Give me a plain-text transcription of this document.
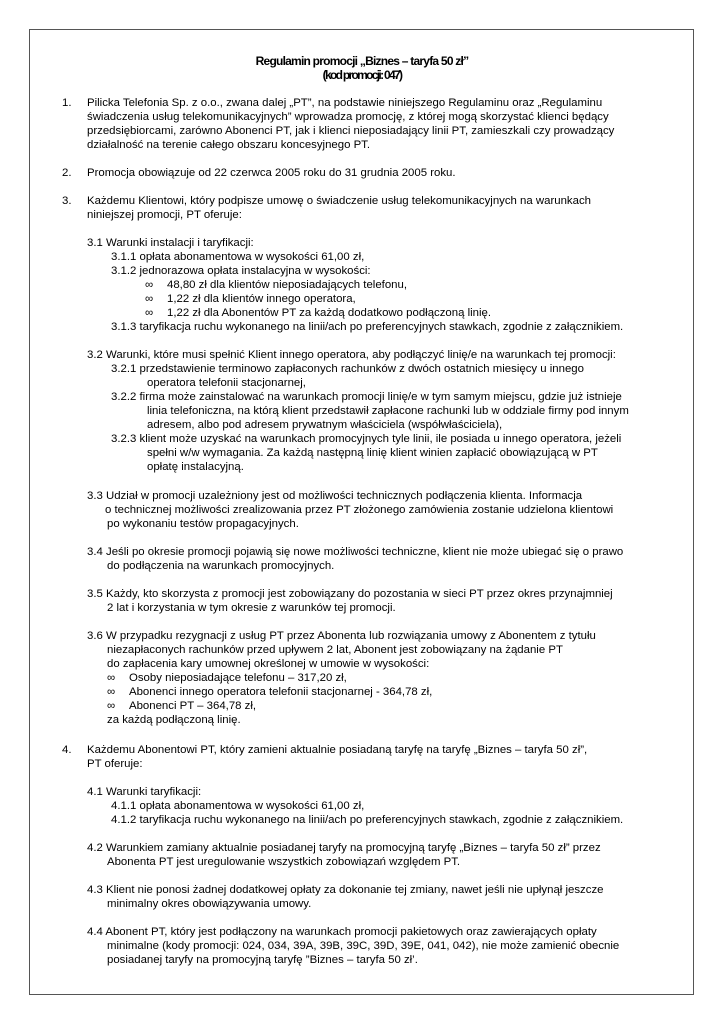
Regulamin promocji „Biznes – taryfa 50 zł”
(kod promocji: 047)
1. Pilicka Telefonia Sp. z o.o., zwana dalej „PT”, na podstawie niniejszego Regulaminu oraz „Regulaminu
świadczenia usług telekomunikacyjnych” wprowadza promocję, z której mogą skorzystać klienci będący
przedsiębiorcami, zarówno Abonenci PT, jak i klienci nieposiadający linii PT, zamieszkali czy prowadzący
działalność na terenie całego obszaru koncesyjnego PT.
2. Promocja obowiązuje od 22 czerwca 2005 roku do 31 grudnia 2005 roku.
3. Każdemu Klientowi, który podpisze umowę o świadczenie usług telekomunikacyjnych na warunkach
niniejszej promocji, PT oferuje:
3.1 Warunki instalacji i taryfikacji:
3.1.1 opłata abonamentowa w wysokości 61,00 zł,
3.1.2 jednorazowa opłata instalacyjna w wysokości:
∞ 48,80 zł dla klientów nieposiadających telefonu,
∞ 1,22 zł dla klientów innego operatora,
∞ 1,22 zł dla Abonentów PT za każdą dodatkowo podłączoną linię.
3.1.3 taryfikacja ruchu wykonanego na linii/ach po preferencyjnych stawkach, zgodnie z załącznikiem.
3.2 Warunki, które musi spełnić Klient innego operatora, aby podłączyć linię/e na warunkach tej promocji:
3.2.1 przedstawienie terminowo zapłaconych rachunków z dwóch ostatnich miesięcy u innego
operatora telefonii stacjonarnej,
3.2.2 firma może zainstalować na warunkach promocji linię/e w tym samym miejscu, gdzie już istnieje
linia telefoniczna, na którą klient przedstawił zapłacone rachunki lub w oddziale firmy pod innym
adresem, albo pod adresem prywatnym właściciela (współwłaściciela),
3.2.3 klient może uzyskać na warunkach promocyjnych tyle linii, ile posiada u innego operatora, jeżeli
spełni w/w wymagania. Za każdą następną linię klient winien zapłacić obowiązującą w PT
opłatę instalacyjną.
3.3 Udział w promocji uzależniony jest od możliwości technicznych podłączenia klienta. Informacja
o technicznej możliwości zrealizowania przez PT złożonego zamówienia zostanie udzielona klientowi
po wykonaniu testów propagacyjnych.
3.4 Jeśli po okresie promocji pojawią się nowe możliwości techniczne, klient nie może ubiegać się o prawo
do podłączenia na warunkach promocyjnych.
3.5 Każdy, kto skorzysta z promocji jest zobowiązany do pozostania w sieci PT przez okres przynajmniej
2 lat i korzystania w tym okresie z warunków tej promocji.
3.6 W przypadku rezygnacji z usług PT przez Abonenta lub rozwiązania umowy z Abonentem z tytułu
niezapłaconych rachunków przed upływem 2 lat, Abonent jest zobowiązany na żądanie PT
do zapłacenia kary umownej określonej w umowie w wysokości:
∞ Osoby nieposiadające telefonu – 317,20 zł,
∞ Abonenci innego operatora telefonii stacjonarnej - 364,78 zł,
∞ Abonenci PT – 364,78 zł,
za każdą podłączoną linię.
4. Każdemu Abonentowi PT, który zamieni aktualnie posiadaną taryfę na taryfę „Biznes – taryfa 50 zł”,
PT oferuje:
4.1 Warunki taryfikacji:
4.1.1 opłata abonamentowa w wysokości 61,00 zł,
4.1.2 taryfikacja ruchu wykonanego na linii/ach po preferencyjnych stawkach, zgodnie z załącznikiem.
4.2 Warunkiem zamiany aktualnie posiadanej taryfy na promocyjną taryfę „Biznes – taryfa 50 zł” przez
Abonenta PT jest uregulowanie wszystkich zobowiązań względem PT.
4.3 Klient nie ponosi żadnej dodatkowej opłaty za dokonanie tej zmiany, nawet jeśli nie upłynął jeszcze
minimalny okres obowiązywania umowy.
4.4 Abonent PT, który jest podłączony na warunkach promocji pakietowych oraz zawierających opłaty
minimalne (kody promocji: 024, 034, 39A, 39B, 39C, 39D, 39E, 041, 042), nie może zamienić obecnie
posiadanej taryfy na promocyjną taryfę ”Biznes – taryfa 50 zł’.
